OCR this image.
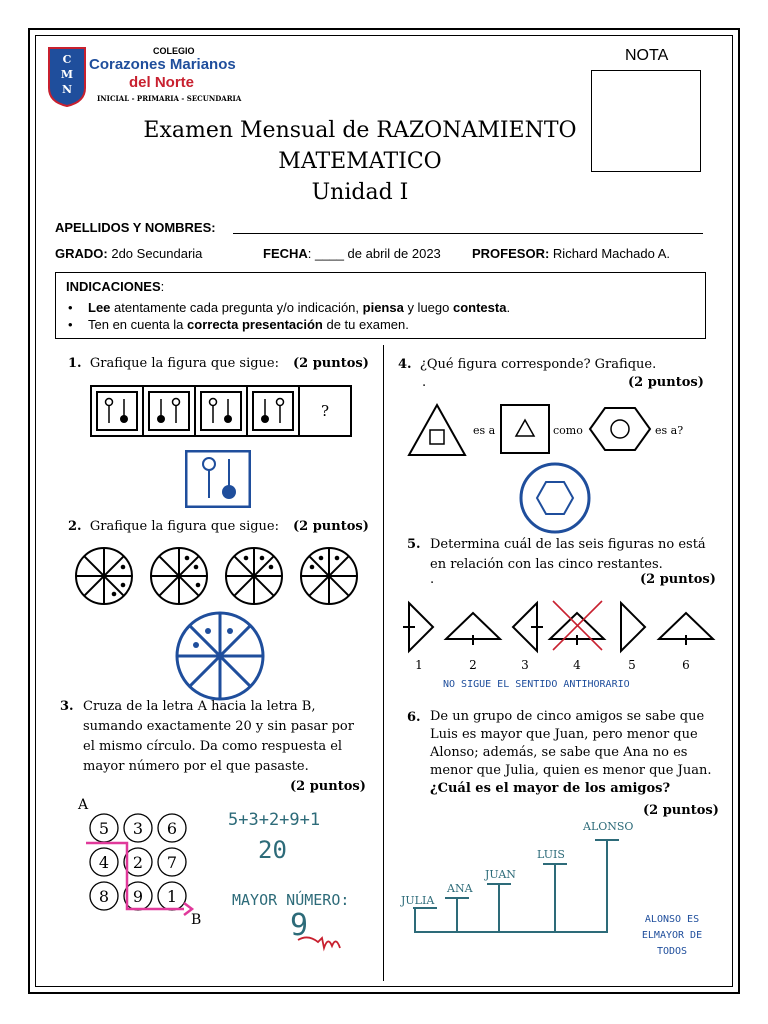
C
M
N
COLEGIO
Corazones Marianos
del Norte
INICIAL - PRIMARIA - SECUNDARIA
NOTA
Examen Mensual de RAZONAMIENTO
MATEMATICO
Unidad I
APELLIDOS Y NOMBRES:
GRADO: 2do Secundaria	FECHA: ____ de abril de 2023 PROFESOR: Richard Machado A.
INDICACIONES:
• Lee atentamente cada pregunta y/o indicación, piensa y luego contesta.
• Ten en cuenta la correcta presentación de tu examen.
1. Grafique la figura que sigue: (2 puntos)
?
2. Grafique la figura que sigue: (2 puntos)
3. Cruza de la letra A hacia la letra B,
sumando exactamente 20 y sin pasar por
el mismo círculo. Da como respuesta el
mayor número por el que pasaste.
(2 puntos)
A
B
5 3 6
4 2 7
8 9 1
5+3+2+9+1
20
MAYOR NÚMERO:
9
4. ¿Qué figura corresponde? Grafique.
.	(2 puntos)
es a	como	es a?
5. Determina cuál de las seis figuras no está
en relación con las cinco restantes.
.	(2 puntos)
1	2	3	4	5	6
NO SIGUE EL SENTIDO ANTIHORARIO
6. De un grupo de cinco amigos se sabe que
Luis es mayor que Juan, pero menor que
Alonso; además, se sabe que Ana no es
menor que Julia, quien es menor que Juan.
¿Cuál es el mayor de los amigos?
(2 puntos)
JULIA
ANA
JUAN
LUIS
ALONSO
ALONSO ES
ELMAYOR DE
TODOS
